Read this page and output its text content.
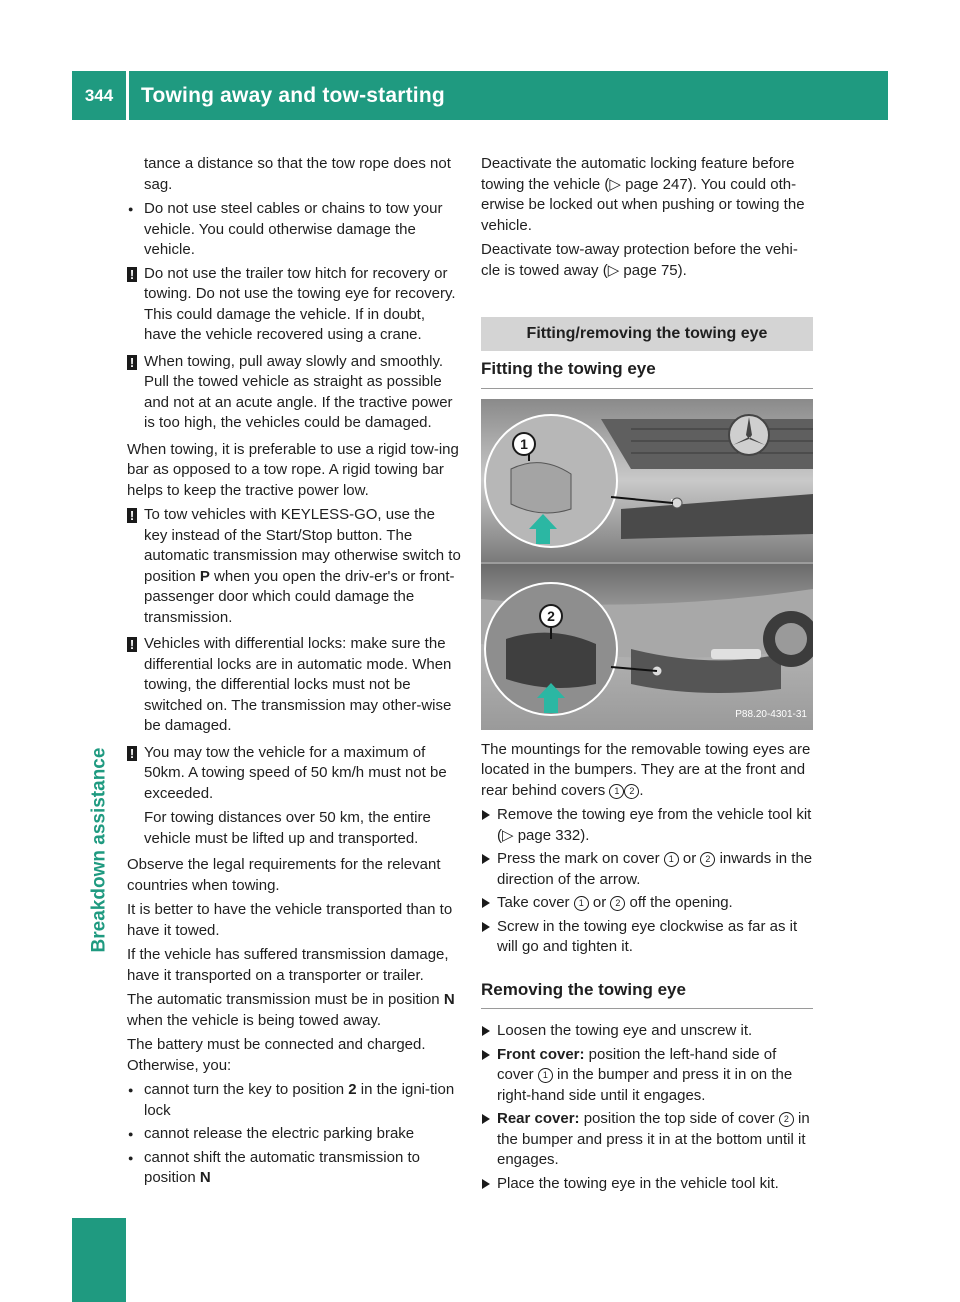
344	Towing away and tow-starting
Breakdown assistance

tance a distance so that the tow rope does not sag.

● Do not use steel cables or chains to tow your vehicle. You could otherwise damage the vehicle.

! Do not use the trailer tow hitch for recovery or towing. Do not use the towing eye for recovery. This could damage the vehicle. If in doubt, have the vehicle recovered using a crane.
! When towing, pull away slowly and smoothly. Pull the towed vehicle as straight as possible and not at an acute angle. If the tractive power is too high, the vehicles could be damaged.

When towing, it is preferable to use a rigid tow-ing bar as opposed to a tow rope. A rigid towing bar helps to keep the tractive power low.

! To tow vehicles with KEYLESS-GO, use the key instead of the Start/Stop button. The automatic transmission may otherwise switch to position P when you open the driv-er's or front-passenger door which could damage the transmission.
! Vehicles with differential locks: make sure the differential locks are in automatic mode. When towing, the differential locks must not be switched on. The transmission may other-wise be damaged.
! You may tow the vehicle for a maximum of 50km. A towing speed of 50 km/h must not be exceeded.

For towing distances over 50 km, the entire vehicle must be lifted up and transported.

Observe the legal requirements for the relevant countries when towing.

It is better to have the vehicle transported than to have it towed.

If the vehicle has suffered transmission damage, have it transported on a transporter or trailer.

The automatic transmission must be in position N when the vehicle is being towed away.

The battery must be connected and charged. Otherwise, you:

● cannot turn the key to position 2 in the igni-tion lock

● cannot release the electric parking brake

● cannot shift the automatic transmission to position N

Deactivate the automatic locking feature before towing the vehicle (▷ page 247). You could oth-erwise be locked out when pushing or towing the vehicle.

Deactivate tow-away protection before the vehi-cle is towed away (▷ page 75).

Fitting/removing the towing eye
Fitting the towing eye
1
2
P88.20-4301-31

The mountings for the removable towing eyes are located in the bumpers. They are at the front and rear behind covers 1 2 .

Remove the towing eye from the vehicle tool kit (▷ page 332).

Press the mark on cover 1 or 2 inwards in the direction of the arrow.

Take cover 1 or 2 off the opening.

Screw in the towing eye clockwise as far as it will go and tighten it.

Removing the towing eye

Loosen the towing eye and unscrew it.

Front cover: position the left-hand side of cover 1 in the bumper and press it in on the right-hand side until it engages.

Rear cover: position the top side of cover 2 in the bumper and press it in at the bottom until it engages.

Place the towing eye in the vehicle tool kit.
